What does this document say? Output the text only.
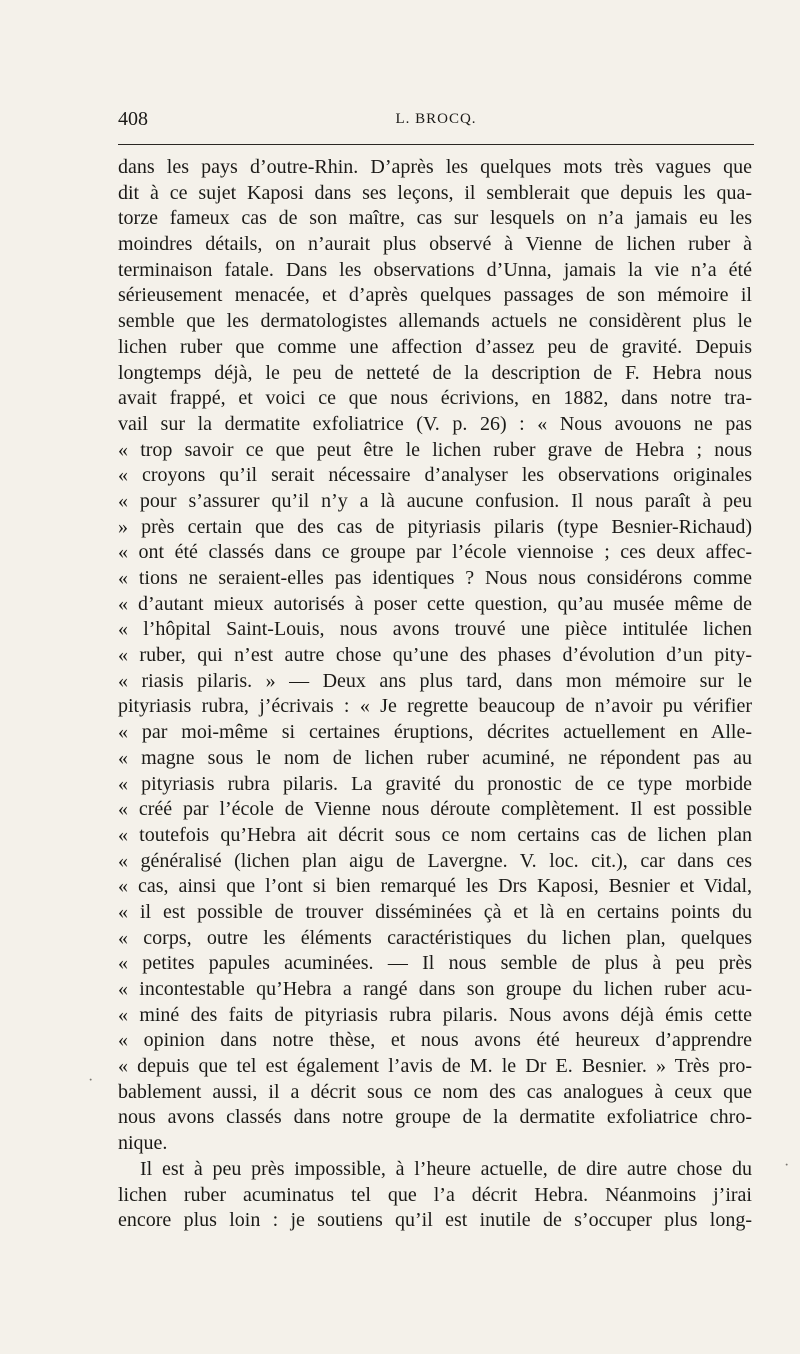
408	L. BROCQ.
dans les pays d’outre-Rhin. D’après les quelques mots très vagues que
dit à ce sujet Kaposi dans ses leçons, il semblerait que depuis les qua-
torze fameux cas de son maître, cas sur lesquels on n’a jamais eu les
moindres détails, on n’aurait plus observé à Vienne de lichen ruber à
terminaison fatale. Dans les observations d’Unna, jamais la vie n’a été
sérieusement menacée, et d’après quelques passages de son mémoire il
semble que les dermatologistes allemands actuels ne considèrent plus le
lichen ruber que comme une affection d’assez peu de gravité. Depuis
longtemps déjà, le peu de netteté de la description de F. Hebra nous
avait frappé, et voici ce que nous écrivions, en 1882, dans notre tra-
vail sur la dermatite exfoliatrice (V. p. 26) : « Nous avouons ne pas
« trop savoir ce que peut être le lichen ruber grave de Hebra ; nous
« croyons qu’il serait nécessaire d’analyser les observations originales
« pour s’assurer qu’il n’y a là aucune confusion. Il nous paraît à peu
» près certain que des cas de pityriasis pilaris (type Besnier-Richaud)
« ont été classés dans ce groupe par l’école viennoise ; ces deux affec-
« tions ne seraient-elles pas identiques ? Nous nous considérons comme
« d’autant mieux autorisés à poser cette question, qu’au musée même de
« l’hôpital Saint-Louis, nous avons trouvé une pièce intitulée lichen
« ruber, qui n’est autre chose qu’une des phases d’évolution d’un pity-
« riasis pilaris. » — Deux ans plus tard, dans mon mémoire sur le
pityriasis rubra, j’écrivais : « Je regrette beaucoup de n’avoir pu vérifier
« par moi-même si certaines éruptions, décrites actuellement en Alle-
« magne sous le nom de lichen ruber acuminé, ne répondent pas au
« pityriasis rubra pilaris. La gravité du pronostic de ce type morbide
« créé par l’école de Vienne nous déroute complètement. Il est possible
« toutefois qu’Hebra ait décrit sous ce nom certains cas de lichen plan
« généralisé (lichen plan aigu de Lavergne. V. loc. cit.), car dans ces
« cas, ainsi que l’ont si bien remarqué les Drs Kaposi, Besnier et Vidal,
« il est possible de trouver disséminées çà et là en certains points du
« corps, outre les éléments caractéristiques du lichen plan, quelques
« petites papules acuminées. — Il nous semble de plus à peu près
« incontestable qu’Hebra a rangé dans son groupe du lichen ruber acu-
« miné des faits de pityriasis rubra pilaris. Nous avons déjà émis cette
« opinion dans notre thèse, et nous avons été heureux d’apprendre
« depuis que tel est également l’avis de M. le Dr E. Besnier. » Très pro-
bablement aussi, il a décrit sous ce nom des cas analogues à ceux que
nous avons classés dans notre groupe de la dermatite exfoliatrice chro-
nique.
Il est à peu près impossible, à l’heure actuelle, de dire autre chose du
lichen ruber acuminatus tel que l’a décrit Hebra. Néanmoins j’irai
encore plus loin : je soutiens qu’il est inutile de s’occuper plus long-
·
·
